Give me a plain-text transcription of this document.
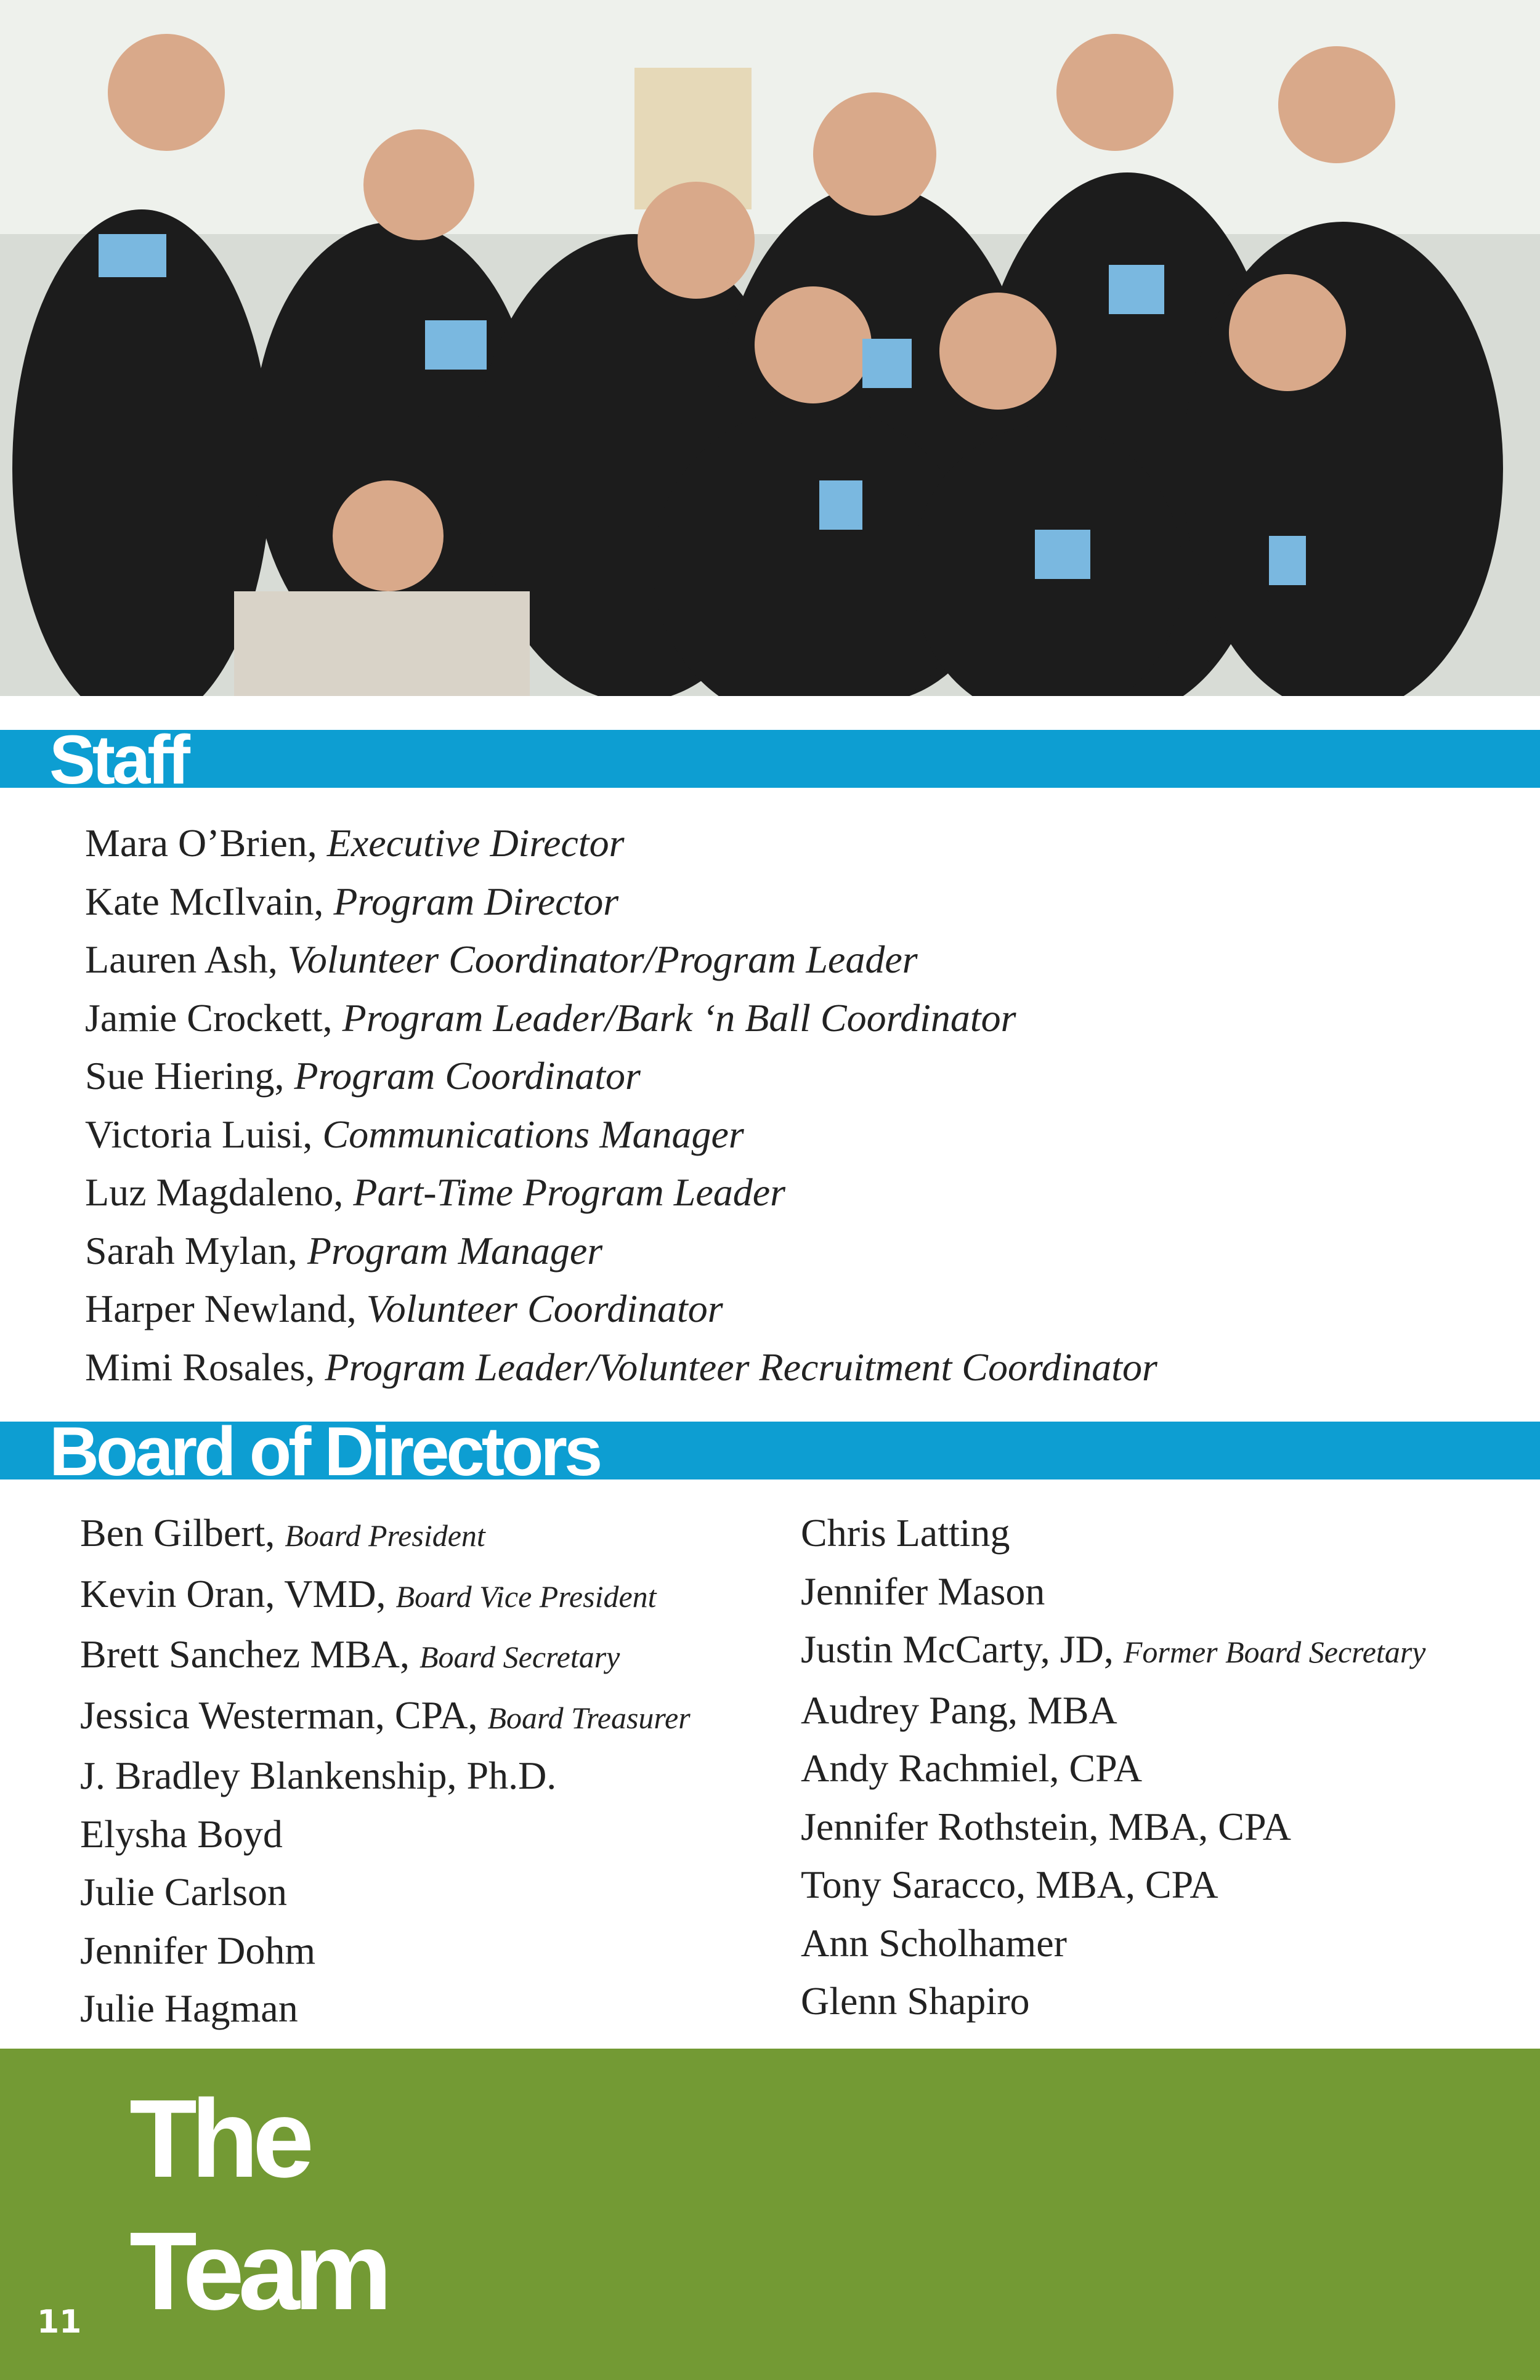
Staff
Mara O’Brien, Executive Director
Kate McIlvain, Program Director
Lauren Ash, Volunteer Coordinator/Program Leader
Jamie Crockett, Program Leader/Bark ‘n Ball Coordinator
Sue Hiering, Program Coordinator
Victoria Luisi, Communications Manager
Luz Magdaleno, Part-Time Program Leader
Sarah Mylan, Program Manager
Harper Newland, Volunteer Coordinator
Mimi Rosales, Program Leader/Volunteer Recruitment Coordinator
Board of Directors
Ben Gilbert, Board President
Kevin Oran, VMD, Board Vice President
Brett Sanchez MBA, Board Secretary
Jessica Westerman, CPA, Board Treasurer
J. Bradley Blankenship, Ph.D.
Elysha Boyd
Julie Carlson
Jennifer Dohm
Julie Hagman
Chris Latting
Jennifer Mason
Justin McCarty, JD, Former Board Secretary
Audrey Pang, MBA
Andy Rachmiel, CPA
Jennifer Rothstein, MBA, CPA
Tony Saracco, MBA, CPA
Ann Scholhamer
Glenn Shapiro
The
Team
11
